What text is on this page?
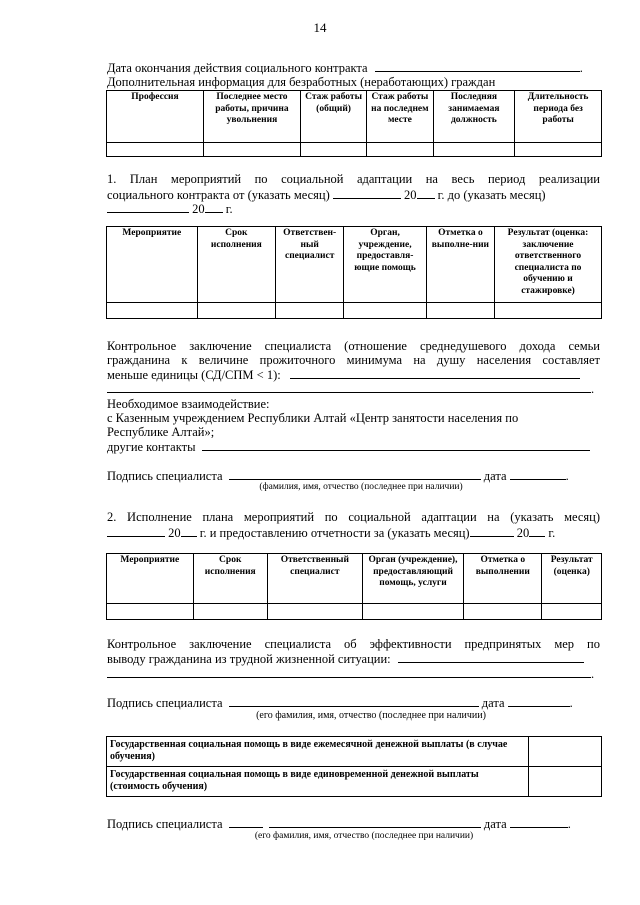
14
Дата окончания действия социального контракта	.
Дополнительная информация для безработных (неработающих) граждан
Профессия	Последнее место работы, причина увольнения	Стаж работы (общий)	Стаж работы на последнем месте	Последняя занимаемая должность	Длительность периода без работы

1. План мероприятий по социальной адаптации на весь период реализации
социального контракта от (указать месяц)	20 г. до (указать месяц)
20 г.
Мероприятие	Срок исполнения	Ответствен-ный специалист	Орган, учреждение, предоставля-ющие помощь	Отметка о выполне-нии	Результат (оценка: заключение ответственного специалиста по обучению и стажировке)

Контрольное заключение специалиста (отношение среднедушевого дохода семьи
гражданина к величине прожиточного минимума на душу населения составляет
меньше единицы (СД/СПМ < 1):
.
Необходимое взаимодействие:
с Казенным учреждением Республики Алтай «Центр занятости населения по
Республике Алтай»;
другие контакты
Подпись специалиста	дата	.
(фамилия, имя, отчество (последнее при наличии)
2. Исполнение плана мероприятий по социальной адаптации на (указать месяц)
20 г. и предоставлению отчетности за (указать месяц)	20 г.
Мероприятие	Срок исполнения	Ответственный специалист	Орган (учреждение), предоставляющий помощь, услуги	Отметка о выполнении	Результат (оценка)

Контрольное заключение специалиста об эффективности предпринятых мер по
выводу гражданина из трудной жизненной ситуации:
.
Подпись специалиста	дата	.
(его фамилия, имя, отчество (последнее при наличии)
Государственная социальная помощь в виде ежемесячной денежной выплаты (в случае обучения)	
Государственная социальная помощь в виде единовременной денежной выплаты (стоимость обучения)	
Подпись специалиста	дата	.
(его фамилия, имя, отчество (последнее при наличии)
